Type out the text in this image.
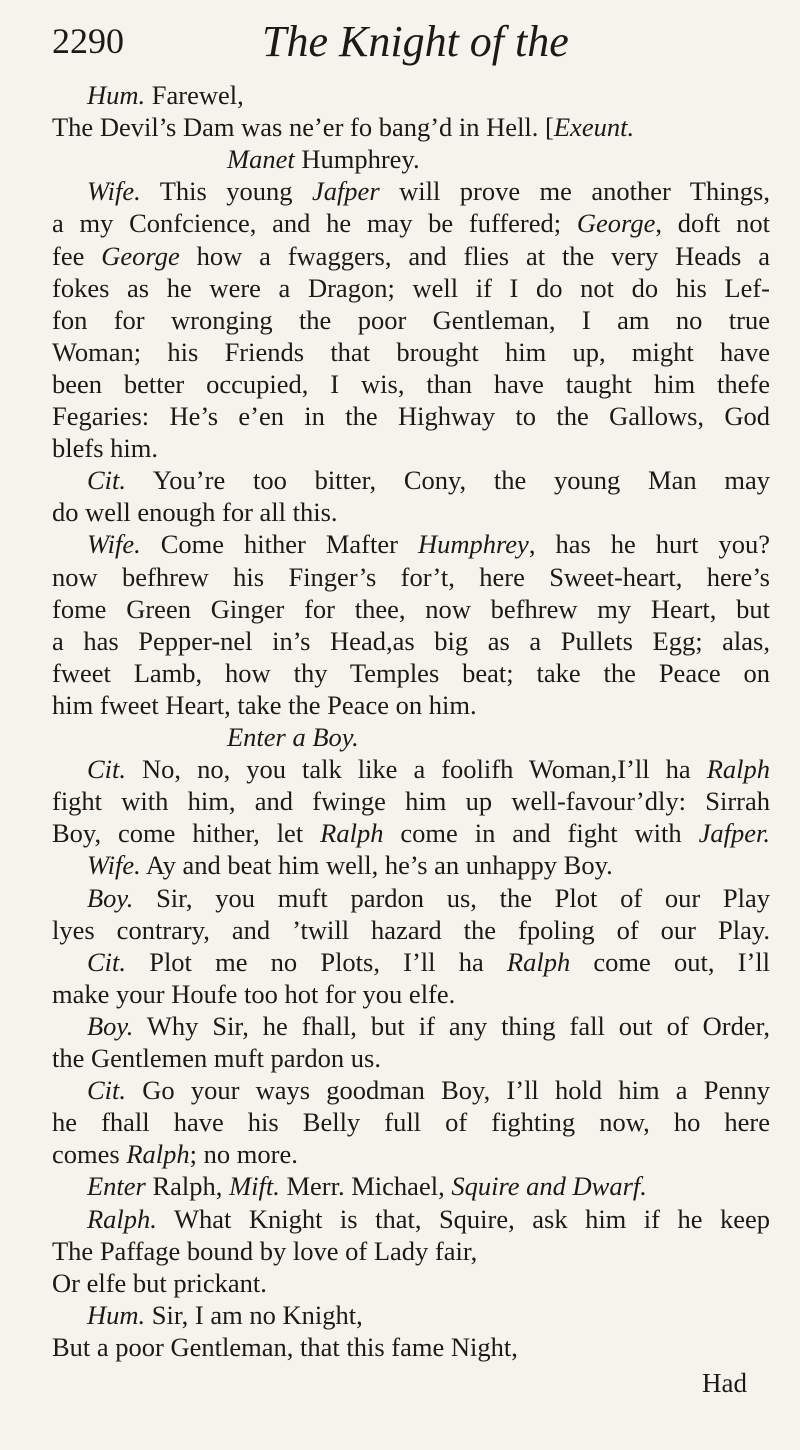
2290	The Knight of the
Hum. Farewel,
The Devil’s Dam was ne’er fo bang’d in Hell. [Exeunt.
Manet Humphrey.
Wife. This young Jafper will prove me another Things,
a my Confcience, and he may be fuffered; George, doft not
fee George how a fwaggers, and flies at the very Heads a
fokes as he were a Dragon; well if I do not do his Lef-
fon for wronging the poor Gentleman, I am no true
Woman; his Friends that brought him up, might have
been better occupied, I wis, than have taught him thefe
Fegaries: He’s e’en in the Highway to the Gallows, God
blefs him.
Cit. You’re too bitter, Cony, the young Man may
do well enough for all this.
Wife. Come hither Mafter Humphrey, has he hurt you?
now befhrew his Finger’s for’t, here Sweet-heart, here’s
fome Green Ginger for thee, now befhrew my Heart, but
a has Pepper-nel in’s Head,as big as a Pullets Egg; alas,
fweet Lamb, how thy Temples beat; take the Peace on
him fweet Heart, take the Peace on him.
Enter a Boy.
Cit. No, no, you talk like a foolifh Woman,I’ll ha Ralph
fight with him, and fwinge him up well-favour’dly: Sirrah
Boy, come hither, let Ralph come in and fight with Jafper.
Wife. Ay and beat him well, he’s an unhappy Boy.
Boy. Sir, you muft pardon us, the Plot of our Play
lyes contrary, and ’twill hazard the fpoling of our Play.
Cit. Plot me no Plots, I’ll ha Ralph come out, I’ll
make your Houfe too hot for you elfe.
Boy. Why Sir, he fhall, but if any thing fall out of Order,
the Gentlemen muft pardon us.
Cit. Go your ways goodman Boy, I’ll hold him a Penny
he fhall have his Belly full of fighting now, ho here
comes Ralph; no more.
Enter Ralph, Mift. Merr. Michael, Squire and Dwarf.
Ralph. What Knight is that, Squire, ask him if he keep
The Paffage bound by love of Lady fair,
Or elfe but prickant.
Hum. Sir, I am no Knight,
But a poor Gentleman, that this fame Night,
Had
